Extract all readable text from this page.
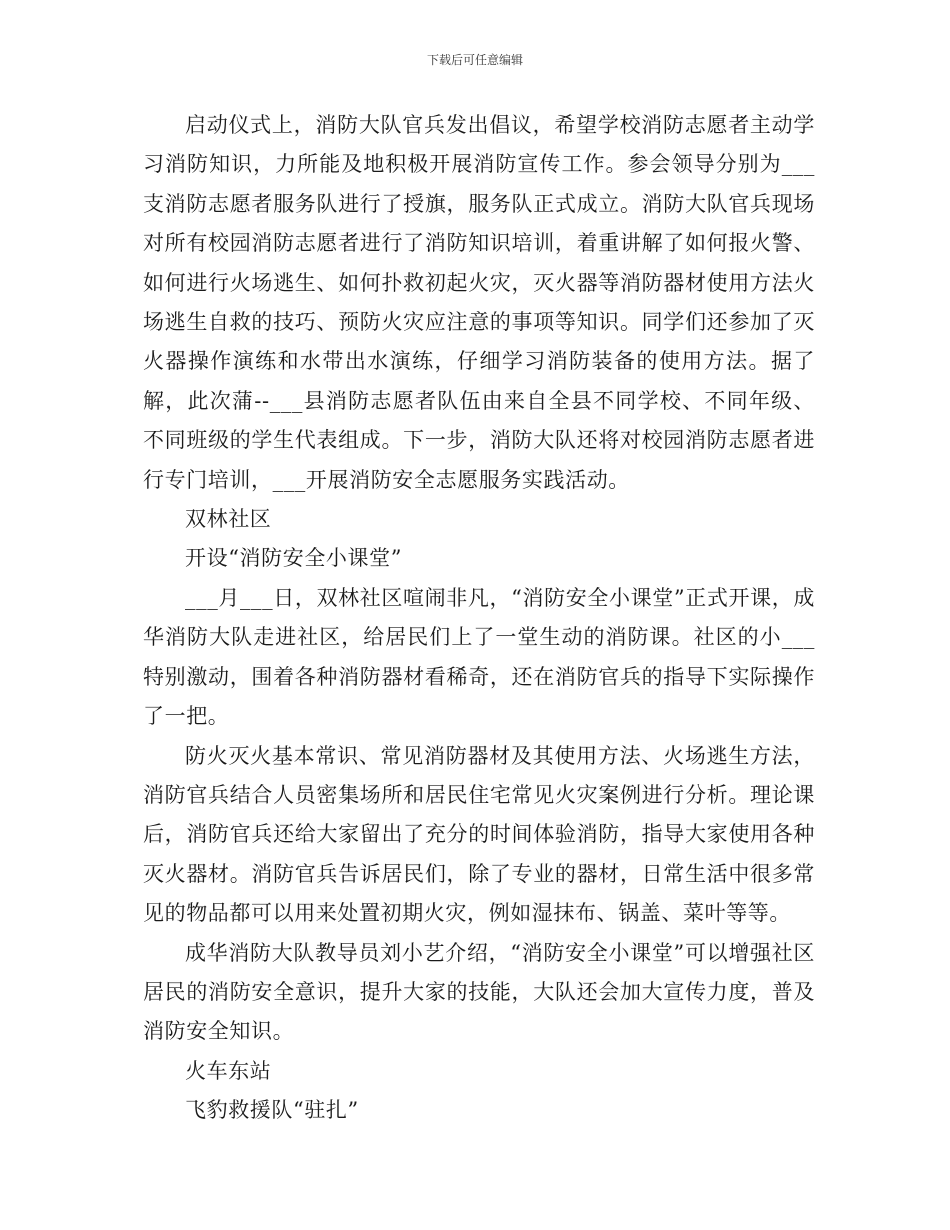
下载后可任意编辑

启动仪式上，消防大队官兵发出倡议，希望学校消防志愿者主动学习消防知识，力所能及地积极开展消防宣传工作。参会领导分别为___支消防志愿者服务队进行了授旗，服务队正式成立。消防大队官兵现场对所有校园消防志愿者进行了消防知识培训，着重讲解了如何报火警、如何进行火场逃生、如何扑救初起火灾，灭火器等消防器材使用方法火场逃生自救的技巧、预防火灾应注意的事项等知识。同学们还参加了灭火器操作演练和水带出水演练，仔细学习消防装备的使用方法。据了解，此次蒲--___县消防志愿者队伍由来自全县不同学校、不同年级、不同班级的学生代表组成。下一步，消防大队还将对校园消防志愿者进行专门培训，___开展消防安全志愿服务实践活动。

双林社区

开设“消防安全小课堂”

___月___日，双林社区喧闹非凡，“消防安全小课堂”正式开课，成华消防大队走进社区，给居民们上了一堂生动的消防课。社区的小___特别激动，围着各种消防器材看稀奇，还在消防官兵的指导下实际操作了一把。

防火灭火基本常识、常见消防器材及其使用方法、火场逃生方法，消防官兵结合人员密集场所和居民住宅常见火灾案例进行分析。理论课后，消防官兵还给大家留出了充分的时间体验消防，指导大家使用各种灭火器材。消防官兵告诉居民们，除了专业的器材，日常生活中很多常见的物品都可以用来处置初期火灾，例如湿抹布、锅盖、菜叶等等。

成华消防大队教导员刘小艺介绍，“消防安全小课堂”可以增强社区居民的消防安全意识，提升大家的技能，大队还会加大宣传力度，普及消防安全知识。

火车东站

飞豹救援队“驻扎”
